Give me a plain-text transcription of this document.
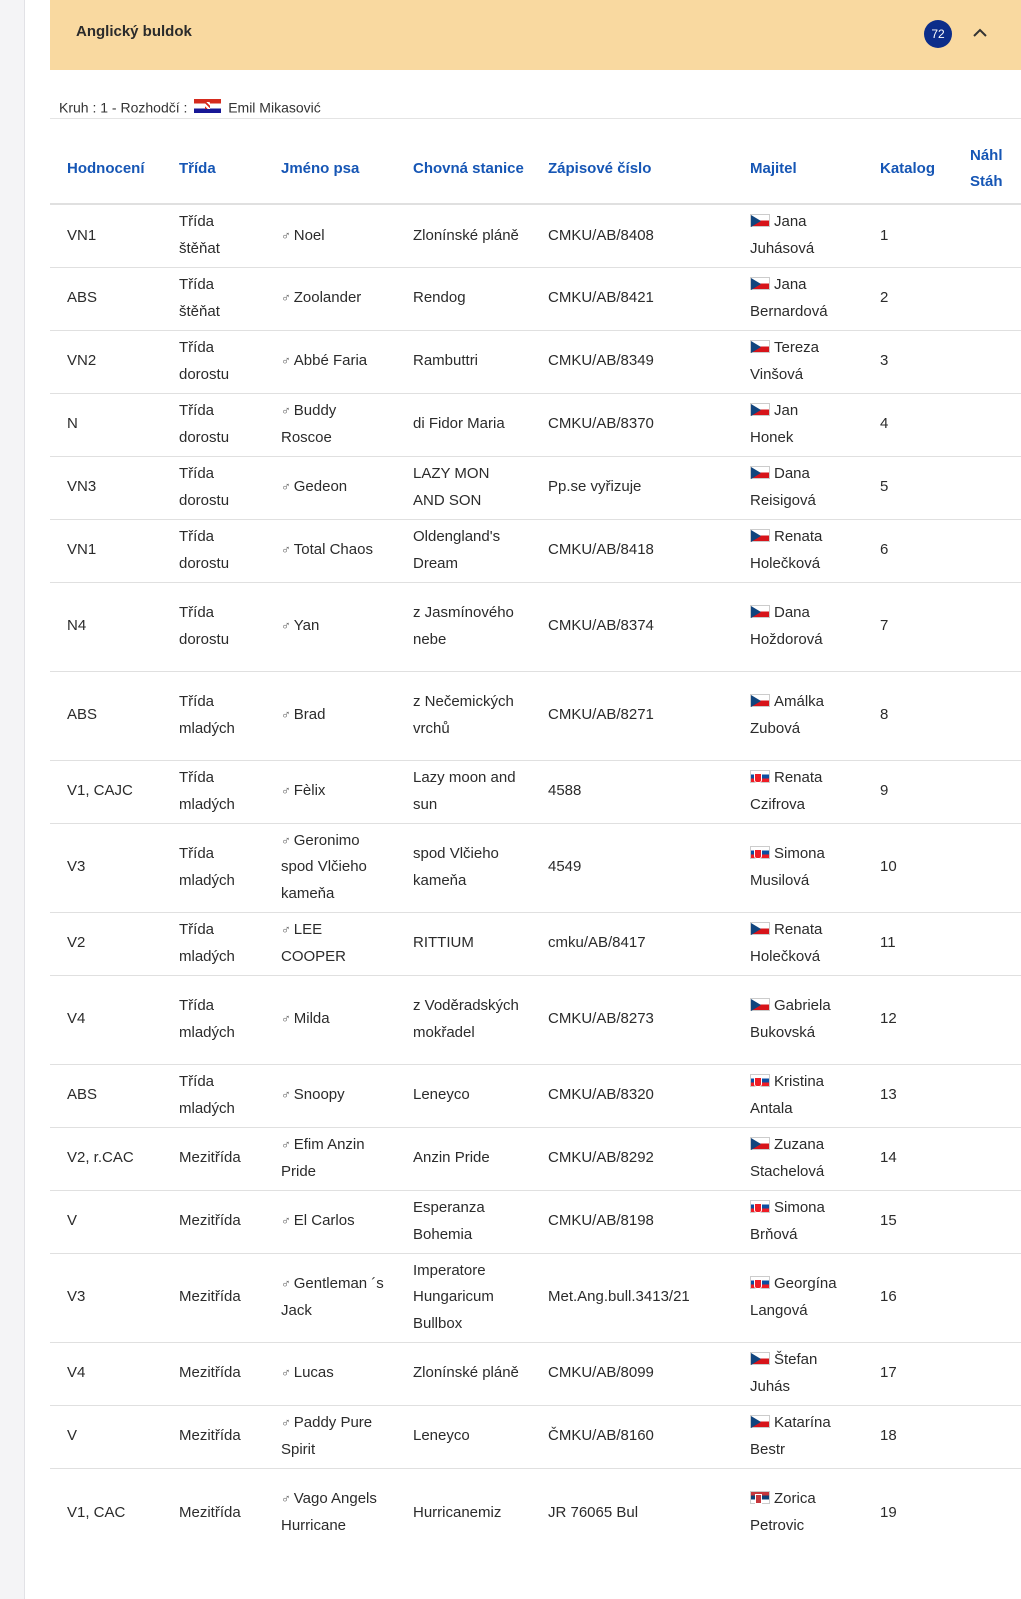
Anglický buldok	72
Kruh : 1 - Rozhodčí :	Emil Mikasović
Hodnocení	Třída	Jméno psa	Chovná stanice	Zápisové číslo	Majitel	Katalog	Náhl Stáh
VN1	Třída štěňat	♂ Noel	Zlonínské pláně	CMKU/AB/8408	Jana Juhásová	1	
ABS	Třída štěňat	♂ Zoolander	Rendog	CMKU/AB/8421	Jana Bernardová	2	
VN2	Třída dorostu	♂ Abbé Faria	Rambuttri	CMKU/AB/8349	Tereza Vinšová	3	
N	Třída dorostu	♂ Buddy Roscoe	di Fidor Maria	CMKU/AB/8370	Jan Honek	4	
VN3	Třída dorostu	♂ Gedeon	LAZY MON AND SON	Pp.se vyřizuje	Dana Reisigová	5	
VN1	Třída dorostu	♂ Total Chaos	Oldengland's Dream	CMKU/AB/8418	Renata Holečková	6	
N4	Třída dorostu	♂ Yan	z Jasmínového nebe	CMKU/AB/8374	Dana Hoždorová	7	
ABS	Třída mladých	♂ Brad	z Nečemických vrchů	CMKU/AB/8271	Amálka Zubová	8	
V1, CAJC	Třída mladých	♂ Fèlix	Lazy moon and sun	4588	Renata Czifrova	9	
V3	Třída mladých	♂ Geronimo spod Vlčieho kameňa	spod Vlčieho kameňa	4549	Simona Musilová	10	
V2	Třída mladých	♂ LEE COOPER	RITTIUM	cmku/AB/8417	Renata Holečková	11	
V4	Třída mladých	♂ Milda	z Voděradských mokřadel	CMKU/AB/8273	Gabriela Bukovská	12	
ABS	Třída mladých	♂ Snoopy	Leneyco	CMKU/AB/8320	Kristina Antala	13	
V2, r.CAC	Mezitřída	♂ Efim Anzin Pride	Anzin Pride	CMKU/AB/8292	Zuzana Stachelová	14	
V	Mezitřída	♂ El Carlos	Esperanza Bohemia	CMKU/AB/8198	Simona Brňová	15	
V3	Mezitřída	♂ Gentleman ´s Jack	Imperatore Hungaricum Bullbox	Met.Ang.bull.3413/21	Georgína Langová	16	
V4	Mezitřída	♂ Lucas	Zlonínské pláně	CMKU/AB/8099	Štefan Juhás	17	
V	Mezitřída	♂ Paddy Pure Spirit	Leneyco	ČMKU/AB/8160	Katarína Bestr	18	
V1, CAC	Mezitřída	♂ Vago Angels Hurricane	Hurricanemiz	JR 76065 Bul	Zorica Petrovic	19	
